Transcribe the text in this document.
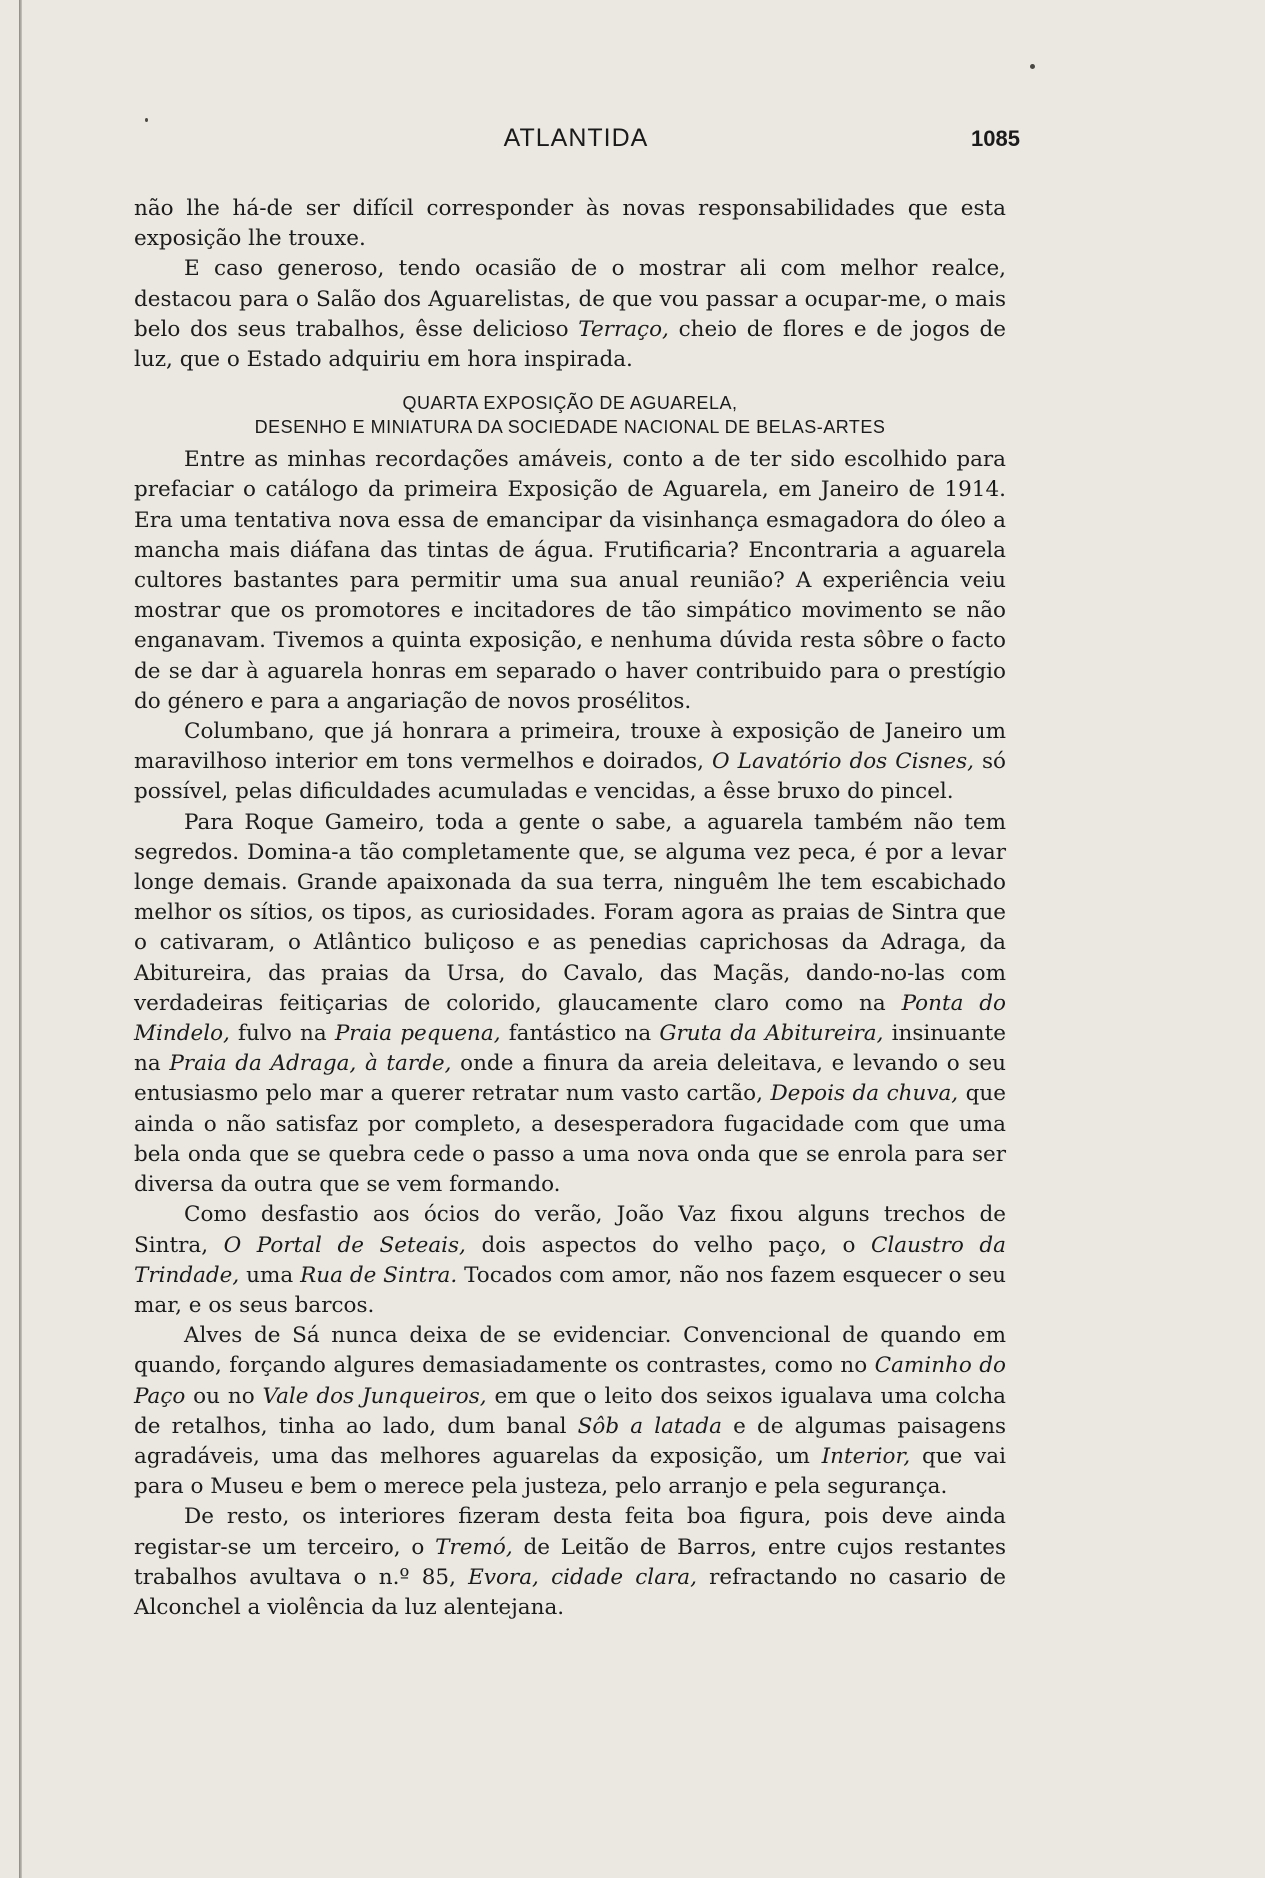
ATLANTIDA	1085

não lhe há-de ser difícil corresponder às novas responsabilidades que esta exposição lhe trouxe.

E caso generoso, tendo ocasião de o mostrar ali com melhor realce, destacou para o Salão dos Aguarelistas, de que vou passar a ocupar-me, o mais belo dos seus trabalhos, êsse delicioso Terraço, cheio de flores e de jogos de luz, que o Estado adquiriu em hora inspirada.

QUARTA EXPOSIÇÃO DE AGUARELA,
DESENHO E MINIATURA DA SOCIEDADE NACIONAL DE BELAS-ARTES

Entre as minhas recordações amáveis, conto a de ter sido escolhido para prefaciar o catálogo da primeira Exposição de Aguarela, em Janeiro de 1914. Era uma tentativa nova essa de emancipar da visinhança esmagadora do óleo a mancha mais diáfana das tintas de água. Frutificaria? Encontraria a aguarela cultores bastantes para permitir uma sua anual reunião? A experiência veiu mostrar que os promotores e incitadores de tão simpático movimento se não enganavam. Tivemos a quinta exposição, e nenhuma dúvida resta sôbre o facto de se dar à aguarela honras em separado o haver contribuido para o prestígio do género e para a angariação de novos prosélitos.

Columbano, que já honrara a primeira, trouxe à exposição de Janeiro um maravilhoso interior em tons vermelhos e doirados, O Lavatório dos Cisnes, só possível, pelas dificuldades acumuladas e vencidas, a êsse bruxo do pincel.

Para Roque Gameiro, toda a gente o sabe, a aguarela também não tem segredos. Domina-a tão completamente que, se alguma vez peca, é por a levar longe demais. Grande apaixonada da sua terra, ninguêm lhe tem escabichado melhor os sítios, os tipos, as curiosidades. Foram agora as praias de Sintra que o cativaram, o Atlântico buliçoso e as penedias caprichosas da Adraga, da Abitureira, das praias da Ursa, do Cavalo, das Maçãs, dando-no-las com verdadeiras feitiçarias de colorido, glaucamente claro como na Ponta do Mindelo, fulvo na Praia pequena, fantástico na Gruta da Abitureira, insinuante na Praia da Adraga, à tarde, onde a finura da areia deleitava, e levando o seu entusiasmo pelo mar a querer retratar num vasto cartão, Depois da chuva, que ainda o não satisfaz por completo, a desesperadora fugacidade com que uma bela onda que se quebra cede o passo a uma nova onda que se enrola para ser diversa da outra que se vem formando.

Como desfastio aos ócios do verão, João Vaz fixou alguns trechos de Sintra, O Portal de Seteais, dois aspectos do velho paço, o Claustro da Trindade, uma Rua de Sintra. Tocados com amor, não nos fazem esquecer o seu mar, e os seus barcos.

Alves de Sá nunca deixa de se evidenciar. Convencional de quando em quando, forçando algures demasiadamente os contrastes, como no Caminho do Paço ou no Vale dos Junqueiros, em que o leito dos seixos igualava uma colcha de retalhos, tinha ao lado, dum banal Sôb a latada e de algumas paisagens agradáveis, uma das melhores aguarelas da exposição, um Interior, que vai para o Museu e bem o merece pela justeza, pelo arranjo e pela segurança.

De resto, os interiores fizeram desta feita boa figura, pois deve ainda registar-se um terceiro, o Tremó, de Leitão de Barros, entre cujos restantes trabalhos avultava o n.º 85, Evora, cidade clara, refractando no casario de Alconchel a violência da luz alentejana.
